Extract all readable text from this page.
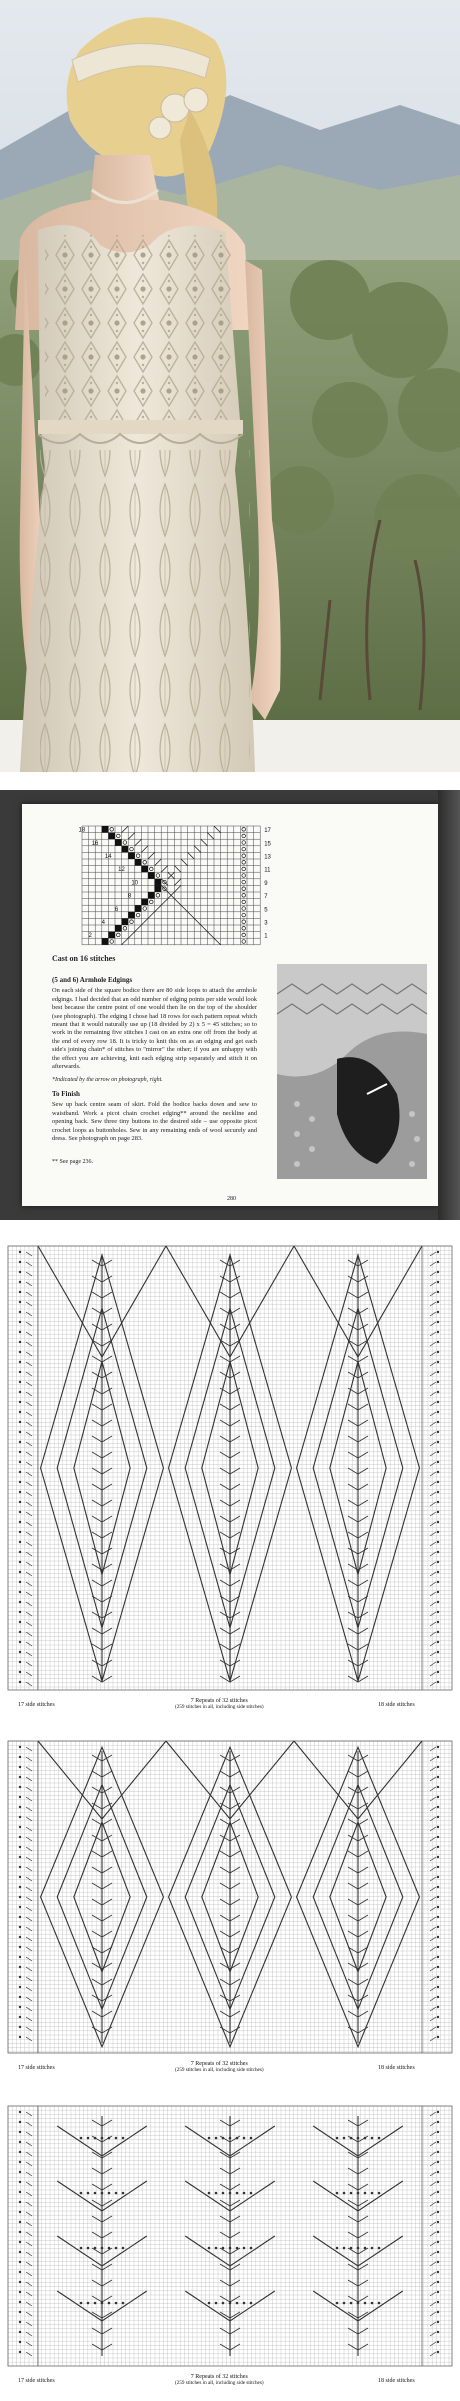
17
15
13
11
9
7
5
3
1
18
16
14
12
10
8
6
4
2
Cast on 16 stitches
(5 and 6) Armhole Edgings

On each side of the square bodice there are 80 side loops to attach the armhole edgings. I had decided that an odd number of edging points per side would look best because the centre point of one would then lie on the top of the shoulder (see photograph). The edging I chose had 18 rows for each pattern repeat which meant that it would naturally use up (18 divided by 2) x 5 = 45 stitches; so to work in the remaining five stitches I cast on an extra one off from the body at the end of every row 18. It is tricky to knit this on as an edging and get each side's joining chain* of stitches to "mirror" the other; if you are unhappy with the effect you are achieving, knit each edging strip separately and stitch it on afterwards.

*Indicated by the arrow on photograph, right.

To Finish

Sew up back centre seam of skirt. Fold the bodice backs down and sew to waistband. Work a picot chain crochet edging** around the neckline and opening back. Sew three tiny buttons to the desired side – use opposite picot crochet loops as buttonholes. Sew in any remaining ends of wool securely and dress. See photograph on page 283.

** See page 236.
280
17 side stitches
7 Repeats of 32 stitches
(259 stitches in all, including side stitches)	18 side stitches
17 side stitches
7 Repeats of 32 stitches
(259 stitches in all, including side stitches)	18 side stitches
17 side stitches
7 Repeats of 32 stitches
(259 stitches in all, including side stitches)	18 side stitches
